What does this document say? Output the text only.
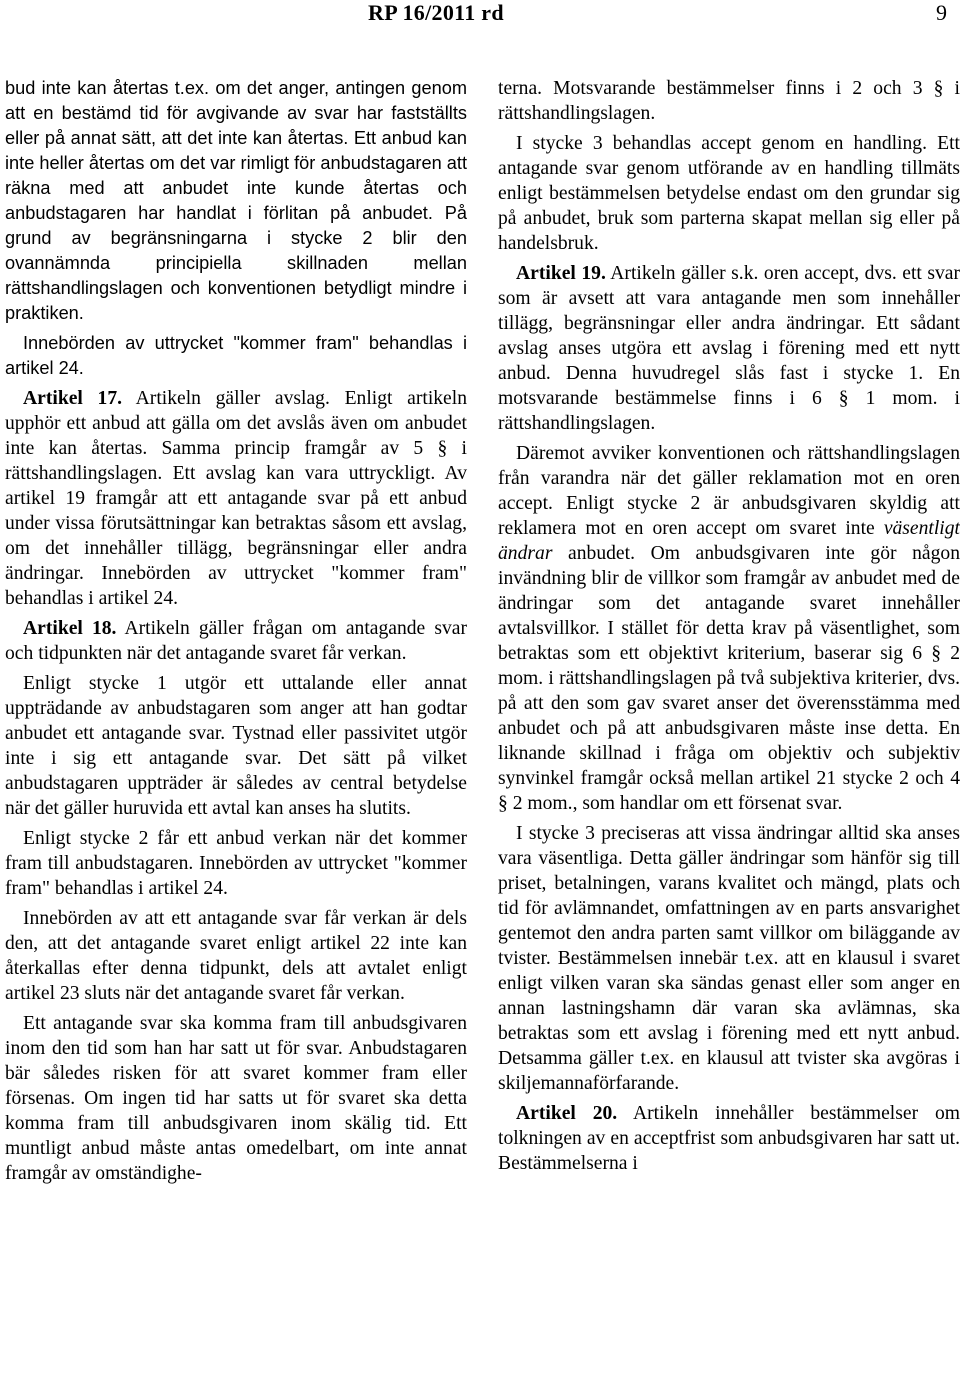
RP 16/2011 rd	9

bud inte kan återtas t.ex. om det anger, antingen genom att en bestämd tid för avgivande av svar har fastställts eller på annat sätt, att det inte kan återtas. Ett anbud kan inte heller återtas om det var rimligt för anbudstagaren att räkna med att anbudet inte kunde återtas och anbudstagaren har handlat i förlitan på anbudet. På grund av begränsningarna i stycke 2 blir den ovannämnda principiella skillnaden mellan rättshandlingslagen och konventionen betydligt mindre i praktiken.

Innebörden av uttrycket "kommer fram" behandlas i artikel 24.

Artikel 17. Artikeln gäller avslag. Enligt artikeln upphör ett anbud att gälla om det avslås även om anbudet inte kan återtas. Samma princip framgår av 5 § i rättshandlingslagen. Ett avslag kan vara uttryckligt. Av artikel 19 framgår att ett antagande svar på ett anbud under vissa förutsättningar kan betraktas såsom ett avslag, om det innehåller tillägg, begränsningar eller andra ändringar. Innebörden av uttrycket "kommer fram" behandlas i artikel 24.

Artikel 18. Artikeln gäller frågan om antagande svar och tidpunkten när det antagande svaret får verkan.

Enligt stycke 1 utgör ett uttalande eller annat uppträdande av anbudstagaren som anger att han godtar anbudet ett antagande svar. Tystnad eller passivitet utgör inte i sig ett antagande svar. Det sätt på vilket anbudstagaren uppträder är således av central betydelse när det gäller huruvida ett avtal kan anses ha slutits.

Enligt stycke 2 får ett anbud verkan när det kommer fram till anbudstagaren. Innebörden av uttrycket "kommer fram" behandlas i artikel 24.

Innebörden av att ett antagande svar får verkan är dels den, att det antagande svaret enligt artikel 22 inte kan återkallas efter denna tidpunkt, dels att avtalet enligt artikel 23 sluts när det antagande svaret får verkan.

Ett antagande svar ska komma fram till anbudsgivaren inom den tid som han har satt ut för svar. Anbudstagaren bär således risken för att svaret kommer fram eller försenas. Om ingen tid har satts ut för svaret ska detta komma fram till anbudsgivaren inom skälig tid. Ett muntligt anbud måste antas omedelbart, om inte annat framgår av omständighe-

terna. Motsvarande bestämmelser finns i 2 och 3 § i rättshandlingslagen.

I stycke 3 behandlas accept genom en handling. Ett antagande svar genom utförande av en handling tillmäts enligt bestämmelsen betydelse endast om den grundar sig på anbudet, bruk som parterna skapat mellan sig eller på handelsbruk.

Artikel 19. Artikeln gäller s.k. oren accept, dvs. ett svar som är avsett att vara antagande men som innehåller tillägg, begränsningar eller andra ändringar. Ett sådant avslag anses utgöra ett avslag i förening med ett nytt anbud. Denna huvudregel slås fast i stycke 1. En motsvarande bestämmelse finns i 6 § 1 mom. i rättshandlingslagen.

Däremot avviker konventionen och rättshandlingslagen från varandra när det gäller reklamation mot en oren accept. Enligt stycke 2 är anbudsgivaren skyldig att reklamera mot en oren accept om svaret inte väsentligt ändrar anbudet. Om anbudsgivaren inte gör någon invändning blir de villkor som framgår av anbudet med de ändringar som det antagande svaret innehåller avtalsvillkor. I stället för detta krav på väsentlighet, som betraktas som ett objektivt kriterium, baserar sig 6 § 2 mom. i rättshandlingslagen på två subjektiva kriterier, dvs. på att den som gav svaret anser det överensstämma med anbudet och på att anbudsgivaren måste inse detta. En liknande skillnad i fråga om objektiv och subjektiv synvinkel framgår också mellan artikel 21 stycke 2 och 4 § 2 mom., som handlar om ett försenat svar.

I stycke 3 preciseras att vissa ändringar alltid ska anses vara väsentliga. Detta gäller ändringar som hänför sig till priset, betalningen, varans kvalitet och mängd, plats och tid för avlämnandet, omfattningen av en parts ansvarighet gentemot den andra parten samt villkor om biläggande av tvister. Bestämmelsen innebär t.ex. att en klausul i svaret enligt vilken varan ska sändas genast eller som anger en annan lastningshamn där varan ska avlämnas, ska betraktas som ett avslag i förening med ett nytt anbud. Detsamma gäller t.ex. en klausul att tvister ska avgöras i skiljemannaförfarande.

Artikel 20. Artikeln innehåller bestämmelser om tolkningen av en acceptfrist som anbudsgivaren har satt ut. Bestämmelserna i
